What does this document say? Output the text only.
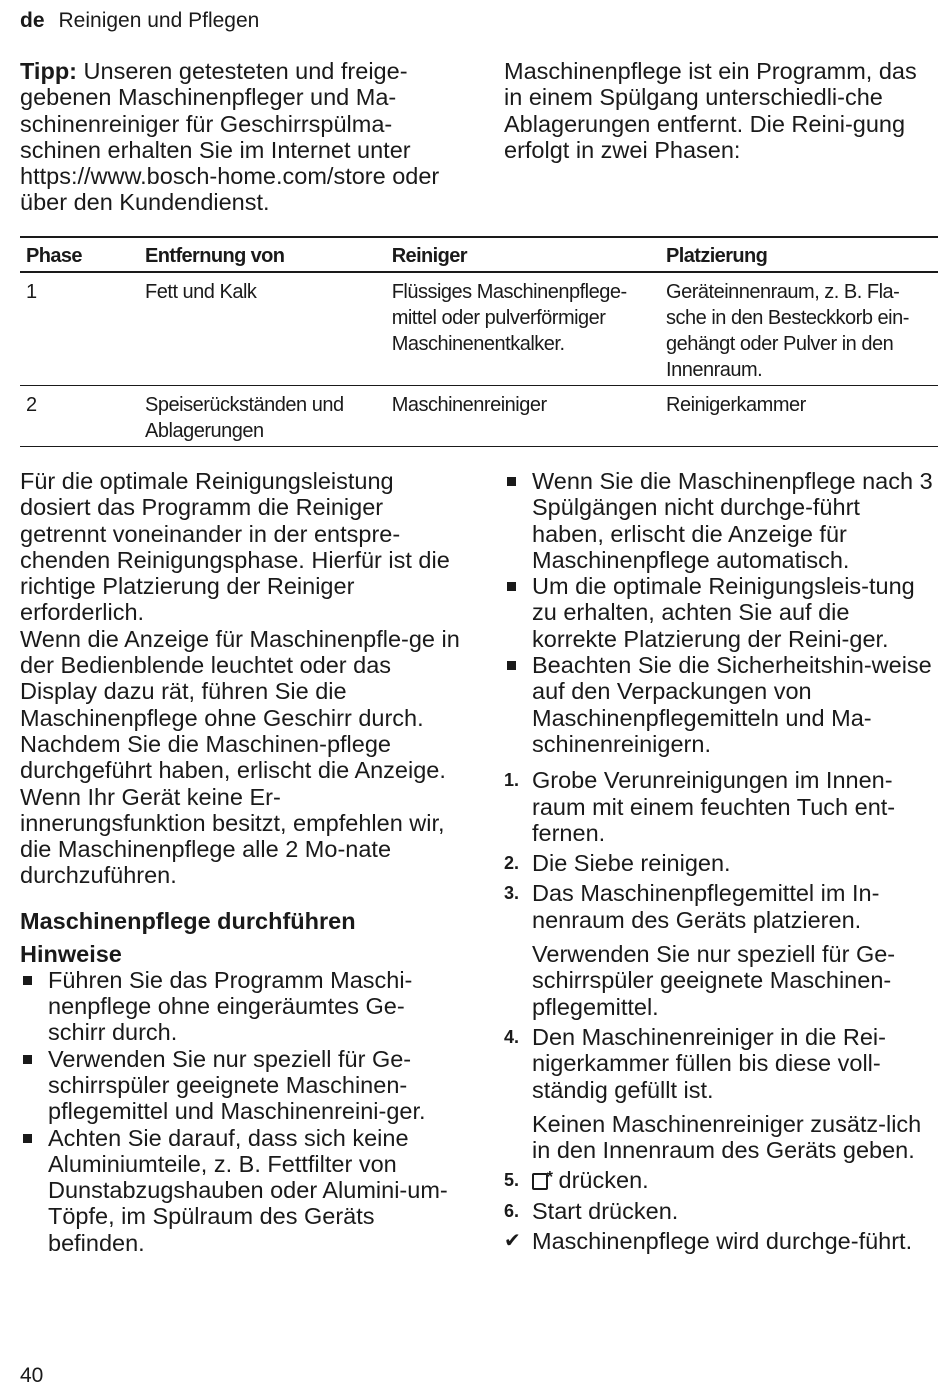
de Reinigen und Pflegen

Tipp: Unseren getesteten und freige-gebenen Maschinenpfleger und Ma-schinenreiniger für Geschirrspülma-schinen erhalten Sie im Internet unter https://www.bosch-home.com/store oder über den Kundendienst.

Maschinenpflege ist ein Programm, das in einem Spülgang unterschiedli-che Ablagerungen entfernt. Die Reini-gung erfolgt in zwei Phasen:

Phase	Entfernung von	Reiniger	Platzierung
1	Fett und Kalk	Flüssiges Maschinenpflege-mittel oder pulverförmiger Maschinenentkalker.	Geräteinnenraum, z. B. Fla-sche in den Besteckkorb ein-gehängt oder Pulver in den Innenraum.
2	Speiserückständen und Ablagerungen	Maschinenreiniger	Reinigerkammer

Für die optimale Reinigungsleistung dosiert das Programm die Reiniger getrennt voneinander in der entspre-chenden Reinigungsphase. Hierfür ist die richtige Platzierung der Reiniger erforderlich.

Wenn die Anzeige für Maschinenpfle-ge in der Bedienblende leuchtet oder das Display dazu rät, führen Sie die Maschinenpflege ohne Geschirr durch. Nachdem Sie die Maschinen-pflege durchgeführt haben, erlischt die Anzeige. Wenn Ihr Gerät keine Er-innerungsfunktion besitzt, empfehlen wir, die Maschinenpflege alle 2 Mo-nate durchzuführen.

Maschinenpflege durchführen
Hinweise
Führen Sie das Programm Maschi-nenpflege ohne eingeräumtes Ge-schirr durch.
Verwenden Sie nur speziell für Ge-schirrspüler geeignete Maschinen-pflegemittel und Maschinenreini-ger.
Achten Sie darauf, dass sich keine Aluminiumteile, z. B. Fettfilter von Dunstabzugshauben oder Alumini-um-Töpfe, im Spülraum des Geräts befinden.
Wenn Sie die Maschinenpflege nach 3 Spülgängen nicht durchge-führt haben, erlischt die Anzeige für Maschinenpflege automatisch.
Um die optimale Reinigungsleis-tung zu erhalten, achten Sie auf die korrekte Platzierung der Reini-ger.
Beachten Sie die Sicherheitshin-weise auf den Verpackungen von Maschinenpflegemitteln und Ma-schinenreinigern.
1. Grobe Verunreinigungen im Innen-raum mit einem feuchten Tuch ent-fernen.
2. Die Siebe reinigen.
3. Das Maschinenpflegemittel im In-nenraum des Geräts platzieren.
Verwenden Sie nur speziell für Ge-schirrspüler geeignete Maschinen-pflegemittel.
4. Den Maschinenreiniger in die Rei-nigerkammer füllen bis diese voll-ständig gefüllt ist.
Keinen Maschinenreiniger zusätz-lich in den Innenraum des Geräts geben.
5. * drücken.
6. Start drücken.
✔ Maschinenpflege wird durchge-führt.
40
